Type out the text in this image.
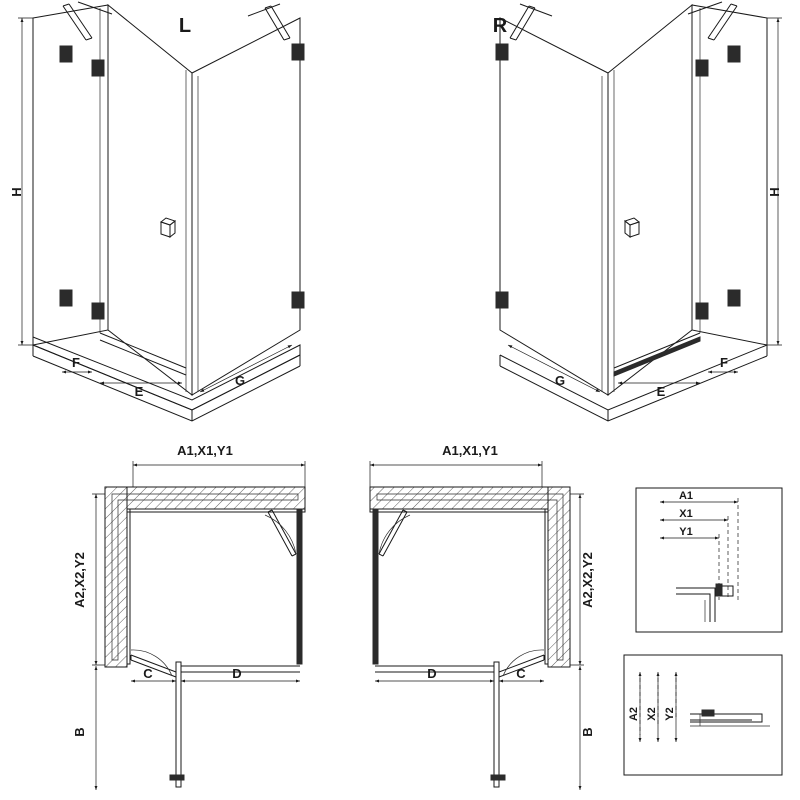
H
F
E
G
L
H
F
E
G
R
A1,X1,Y1
A2,X2,Y2
C	D
B
A1,X1,Y1
A2,X2,Y2
C
D
B
A1
X1
Y1
A2 X2 Y2
